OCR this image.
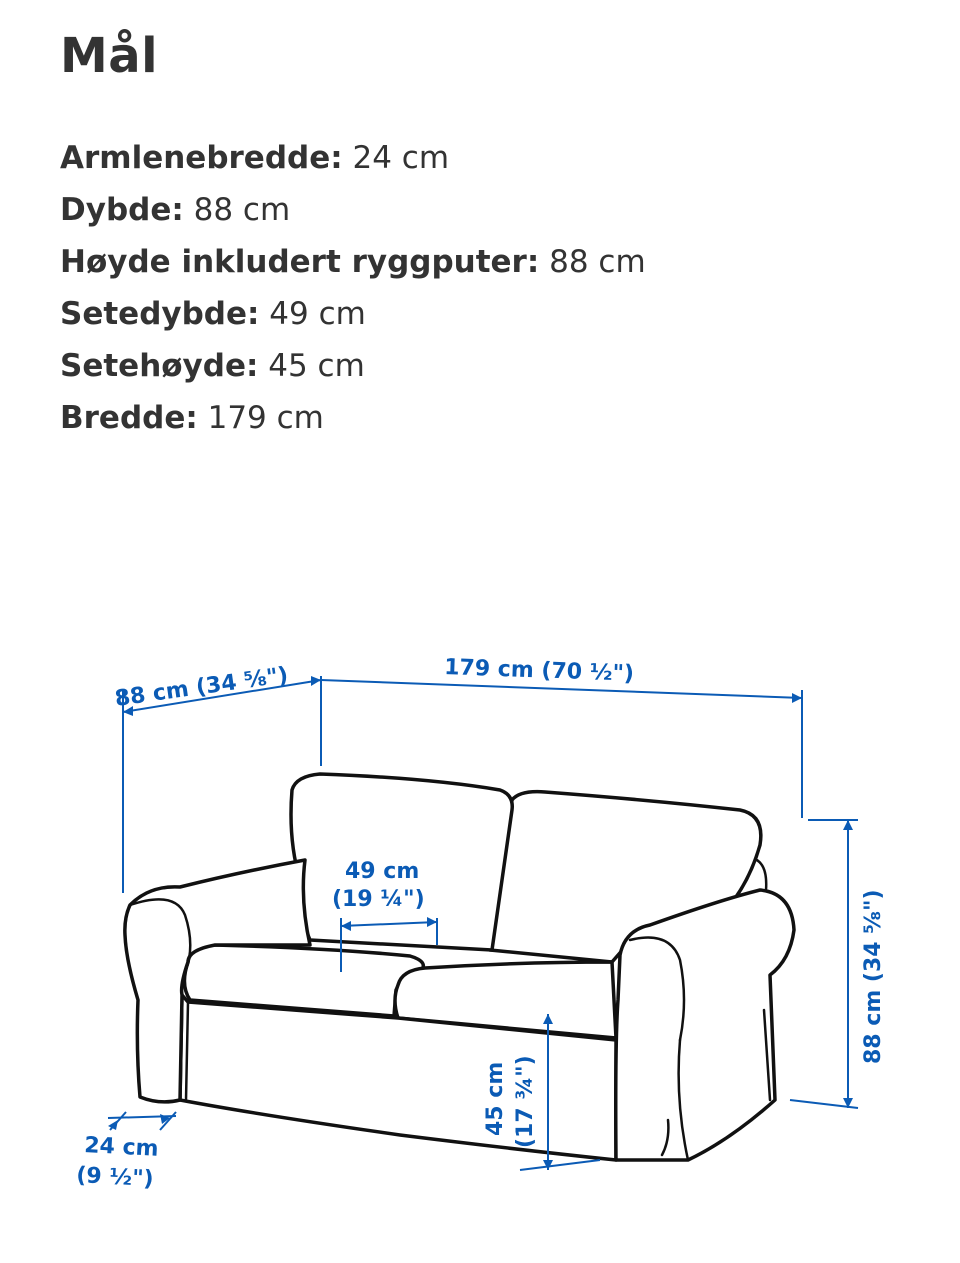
Mål
Armlenebredde: 24 cm
Dybde: 88 cm
Høyde inkludert ryggputer: 88 cm
Setedybde: 49 cm
Setehøyde: 45 cm
Bredde: 179 cm
88 cm (34 ⅝")	179 cm (70 ½")
88 cm (34 ⅝")
49 cm
(19 ¼")
45 cm (17 ¾")
24 cm
(9 ½")
